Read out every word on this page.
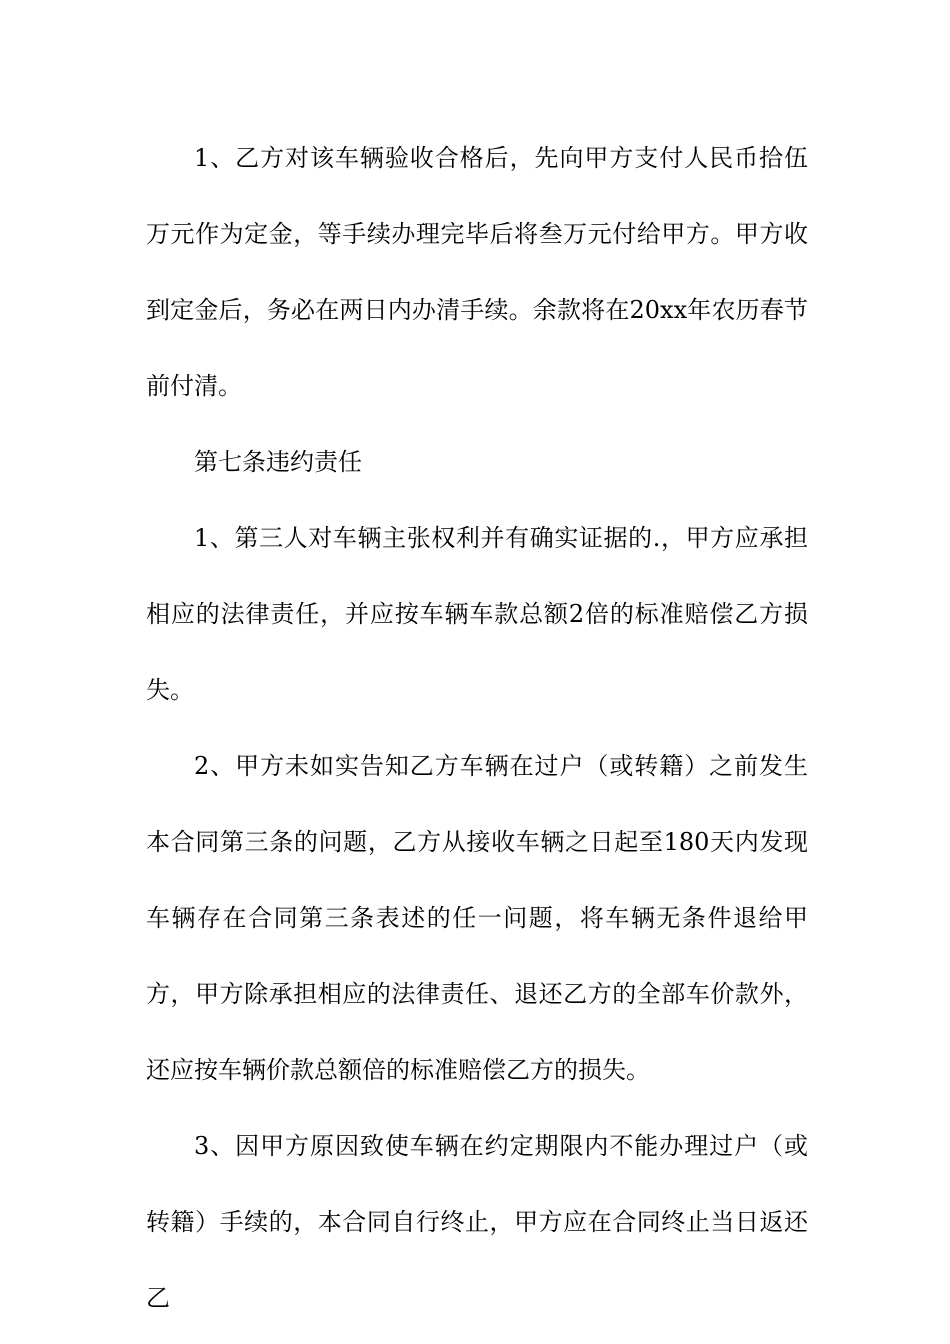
1、乙方对该车辆验收合格后，先向甲方支付人民币拾伍万元作为定金，等手续办理完毕后将叁万元付给甲方。甲方收到定金后，务必在两日内办清手续。余款将在20xx年农历春节前付清。

第七条违约责任

1、第三人对车辆主张权利并有确实证据的.，甲方应承担相应的法律责任，并应按车辆车款总额2倍的标准赔偿乙方损失。

2、甲方未如实告知乙方车辆在过户（或转籍）之前发生本合同第三条的问题，乙方从接收车辆之日起至180天内发现车辆存在合同第三条表述的任一问题，将车辆无条件退给甲方，甲方除承担相应的法律责任、退还乙方的全部车价款外，还应按车辆价款总额倍的标准赔偿乙方的损失。

3、因甲方原因致使车辆在约定期限内不能办理过户（或转籍）手续的，本合同自行终止，甲方应在合同终止当日返还乙
